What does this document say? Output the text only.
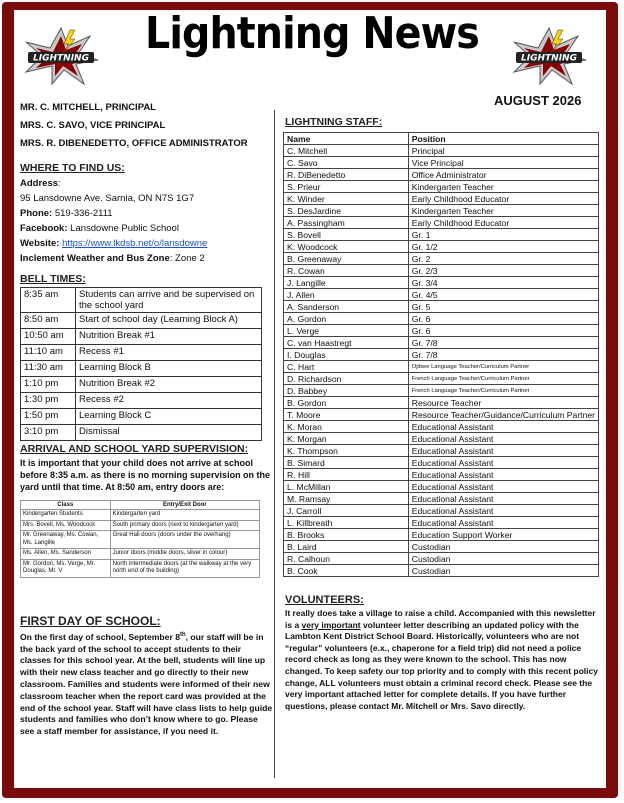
Lightning News
LIGHTNING	LIGHTNING
AUGUST 2026
MR. C. MITCHELL, PRINCIPAL
MRS. C. SAVO, VICE PRINCIPAL
MRS. R. DIBENEDETTO, OFFICE ADMINISTRATOR
WHERE TO FIND US:
Address:
95 Lansdowne Ave. Sarnia, ON N7S 1G7
Phone: 519-336-2111
Facebook: Lansdowne Public School
Website: https://www.lkdsb.net/o/lansdowne
Inclement Weather and Bus Zone: Zone 2
BELL TIMES:
8:35 am	Students can arrive and be supervised on the school yard
8:50 am	Start of school day (Learning Block A)
10:50 am	Nutrition Break #1
11:10 am	Recess #1
11:30 am	Learning Block B
1:10 pm	Nutrition Break #2
1:30 pm	Recess #2
1:50 pm	Learning Block C
3:10 pm	Dismissal
ARRIVAL AND SCHOOL YARD SUPERVISION:
It is important that your child does not arrive at school before 8:35 a.m. as there is no morning supervision on the yard until that time. At 8:50 am, entry doors are:
Class	Entry/Exit Door
Kindergarten Students	Kindergarten yard
Mrs. Bovell, Ms. Woodcock	South primary doors (next to kindergarten yard)
Mr. Greenaway, Ms. Cowan, Ms. Langille	Great Hall doors (doors under the overhang)
Ms. Allen, Ms. Sanderson	Junior doors (middle doors, silver in colour)
Mr. Gordon, Ms. Verge, Mr. Douglas, Mr. V	North intermediate doors (at the walkway at the very north end of the building)
FIRST DAY OF SCHOOL:
On the first day of school, September 8th, our staff will be in the back yard of the school to accept students to their classes for this school year. At the bell, students will line up with their new class teacher and go directly to their new classroom. Families and students were informed of their new classroom teacher when the report card was provided at the end of the school year. Staff will have class lists to help guide students and families who don’t know where to go. Please see a staff member for assistance, if you need it.
LIGHTNING STAFF:
Name	Position
C. Mitchell	Principal
C. Savo	Vice Principal
R. DiBenedetto	Office Administrator
S. Prieur	Kindergarten Teacher
K. Winder	Early Childhood Educator
S. DesJardine	Kindergarten Teacher
A. Passingham	Early Childhood Educator
S. Bovell	Gr. 1
K. Woodcock	Gr. 1/2
B. Greenaway	Gr. 2
R. Cowan	Gr. 2/3
J. Langille	Gr. 3/4
J. Allen	Gr. 4/5
A. Sanderson	Gr. 5
A. Gordon	Gr. 6
L. Verge	Gr. 6
C. van Haastregt	Gr. 7/8
I. Douglas	Gr. 7/8
C. Hart	Ojibwe Language Teacher/Curriculum Partner
D. Richardson	French Language Teacher/Curriculum Partner
D. Babbey	French Language Teacher/Curriculum Partner
B. Gordon	Resource Teacher
T. Moore	Resource Teacher/Guidance/Curriculum Partner
K. Moran	Educational Assistant
K. Morgan	Educational Assistant
K. Thompson	Educational Assistant
B. Simard	Educational Assistant
R. Hill	Educational Assistant
L. McMillan	Educational Assistant
M. Ramsay	Educational Assistant
J. Carroll	Educational Assistant
L. Killbreath	Educational Assistant
B. Brooks	Education Support Worker
B. Laird	Custodian
R. Calhoun	Custodian
B. Cook	Custodian
VOLUNTEERS:
It really does take a village to raise a child. Accompanied with this newsletter is a very important volunteer letter describing an updated policy with the Lambton Kent District School Board. Historically, volunteers who are not “regular” volunteers (e.x., chaperone for a field trip) did not need a police record check as long as they were known to the school. This has now changed. To keep safety our top priority and to comply with this recent policy change, ALL volunteers must obtain a criminal record check. Please see the very important attached letter for complete details. If you have further questions, please contact Mr. Mitchell or Mrs. Savo directly.
